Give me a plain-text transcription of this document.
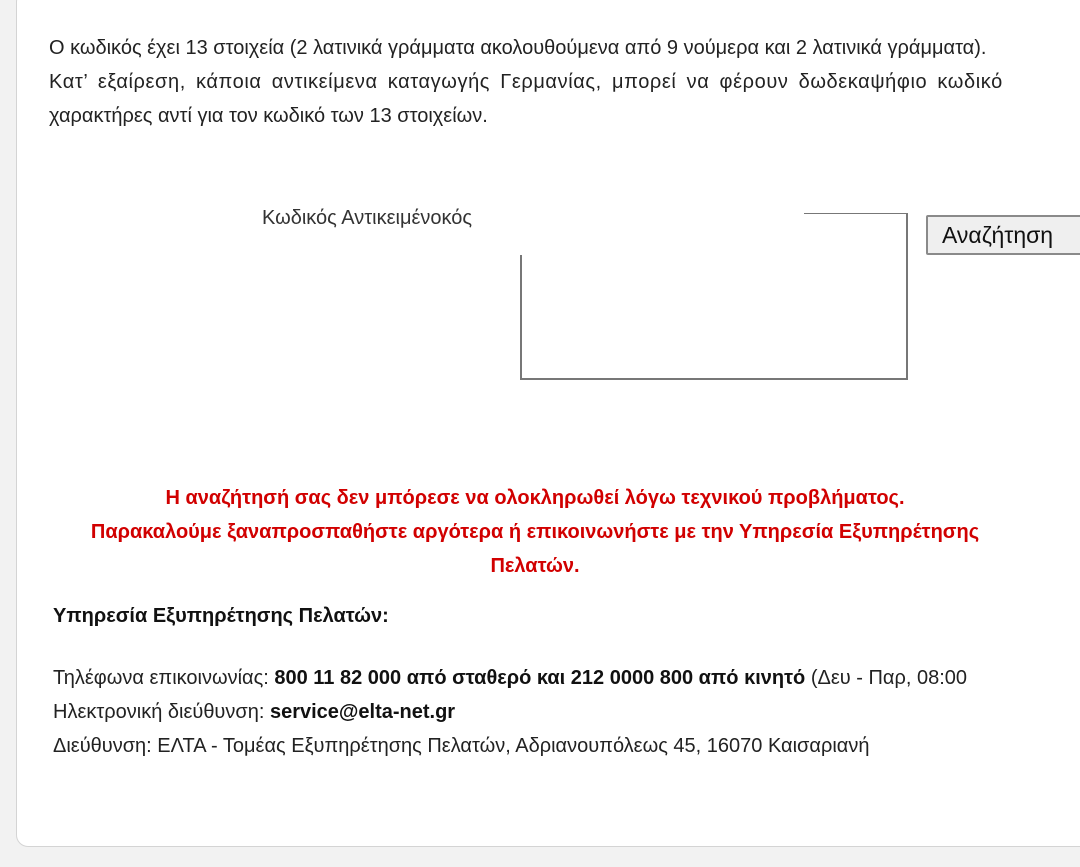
Ο κωδικός έχει 13 στοιχεία (2 λατινικά γράμματα ακολουθούμενα από 9 νούμερα και 2 λατινικά γράμματα).

Κατ’ εξαίρεση, κάποια αντικείμενα καταγωγής Γερμανίας, μπορεί να φέρουν δωδεκαψήφιο κωδικό

χαρακτήρες αντί για τον κωδικό των 13 στοιχείων.

Κωδικός Αντικειμένοκός
Αναζήτηση

Η αναζήτησή σας δεν μπόρεσε να ολοκληρωθεί λόγω τεχνικού προβλήματος.

Παρακαλούμε ξαναπροσπαθήστε αργότερα ή επικοινωνήστε με την Υπηρεσία Εξυπηρέτησης

Πελατών.

Υπηρεσία Εξυπηρέτησης Πελατών:

Τηλέφωνα επικοινωνίας: 800 11 82 000 από σταθερό και 212 0000 800 από κινητό (Δευ - Παρ, 08:00

Ηλεκτρονική διεύθυνση: service@elta-net.gr

Διεύθυνση: ΕΛΤΑ - Τομέας Εξυπηρέτησης Πελατών, Αδριανουπόλεως 45, 16070 Καισαριανή
